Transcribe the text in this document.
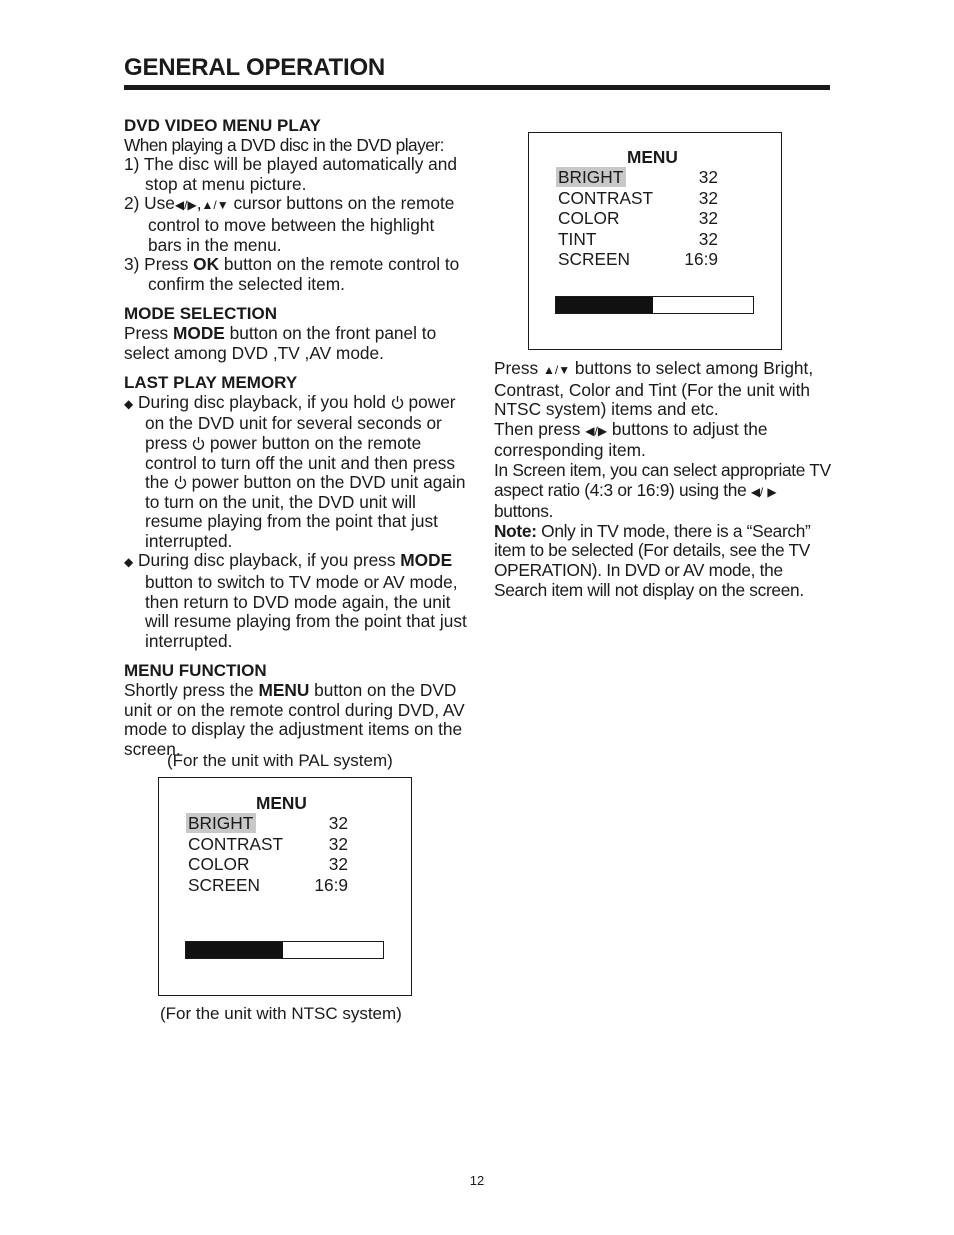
GENERAL OPERATION

DVD VIDEO MENU PLAY

When playing a DVD disc in the DVD player:

1) The disc will be played automatically and stop at menu picture.

2) Use◀/▶,▲/▼ cursor buttons on the remote control to move between the highlight bars in the menu.

3) Press OK button on the remote control to confirm the selected item.

MODE SELECTION

Press MODE button on the front panel to select among DVD ,TV ,AV mode.

LAST PLAY MEMORY

◆ During disc playback, if you hold  power on the DVD unit for several seconds or press  power button on the remote control to turn off the unit and then press the  power button on the DVD unit again to turn on the unit, the DVD unit will resume playing from the point that just interrupted.

◆ During disc playback, if you press MODE button to switch to TV mode or AV mode, then return to DVD mode again, the unit will resume playing from the point that just interrupted.

MENU FUNCTION

Shortly press the MENU button on the DVD unit or on the remote control during DVD, AV mode to display the adjustment items on the screen.

(For the unit with PAL system)
MENU
BRIGHT	32
CONTRAST	32
COLOR	32
SCREEN	16:9
(For the unit with NTSC system)
MENU
BRIGHT	32
CONTRAST	32
COLOR	32
TINT	32
SCREEN	16:9

Press ▲/▼ buttons to select among Bright, Contrast, Color and Tint (For the unit with NTSC system) items and etc.

Then press ◀/▶ buttons to adjust the corresponding item.

In Screen item, you can select appropriate TV aspect ratio (4:3 or 16:9) using the ◀/ ▶ buttons.

Note: Only in TV mode, there is a “Search” item to be selected (For details, see the TV OPERATION). In DVD or AV mode, the Search item will not display on the screen.

12
